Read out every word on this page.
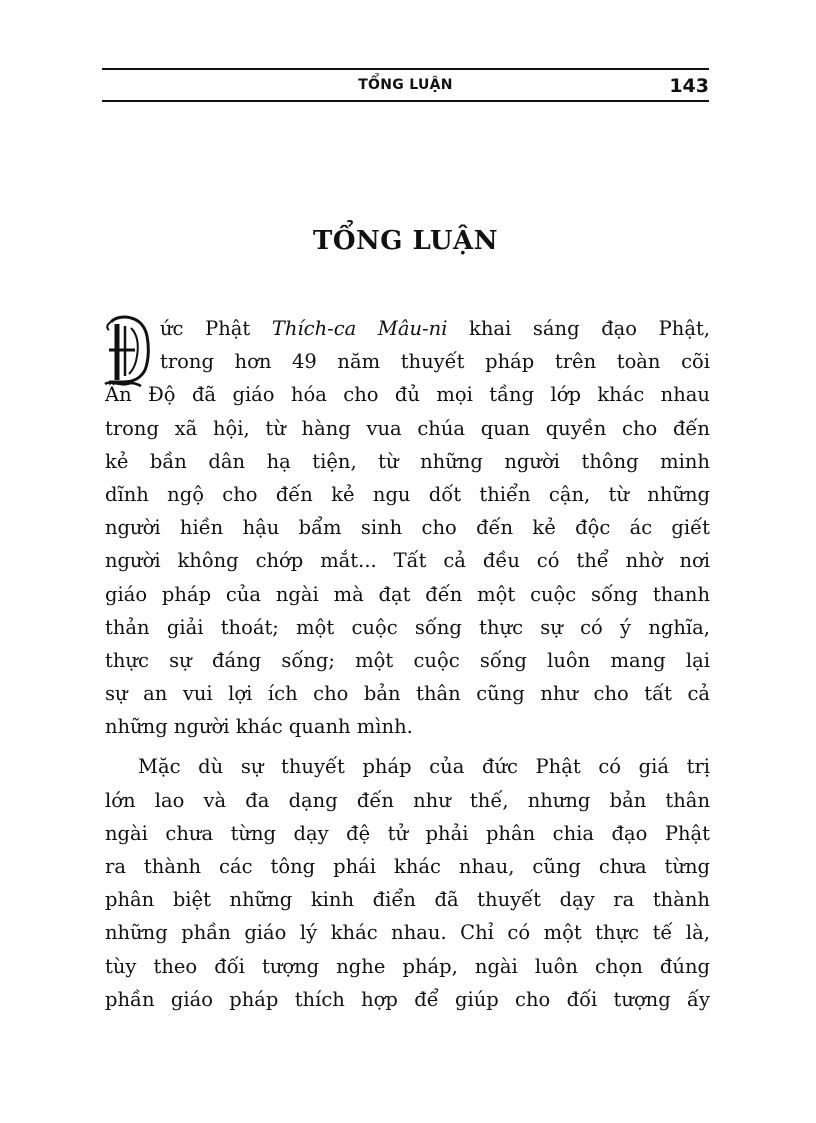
TỔNG LUẬN	143
TỔNG LUẬN
ức Phật Thích-ca Mâu-ni khai sáng đạo Phật,
trong hơn 49 năm thuyết pháp trên toàn cõi
Ấn Độ đã giáo hóa cho đủ mọi tầng lớp khác nhau
trong xã hội, từ hàng vua chúa quan quyền cho đến
kẻ bần dân hạ tiện, từ những người thông minh
dĩnh ngộ cho đến kẻ ngu dốt thiển cận, từ những
người hiền hậu bẩm sinh cho đến kẻ độc ác giết
người không chớp mắt... Tất cả đều có thể nhờ nơi
giáo pháp của ngài mà đạt đến một cuộc sống thanh
thản giải thoát; một cuộc sống thực sự có ý nghĩa,
thực sự đáng sống; một cuộc sống luôn mang lại
sự an vui lợi ích cho bản thân cũng như cho tất cả
những người khác quanh mình.
Mặc dù sự thuyết pháp của đức Phật có giá trị
lớn lao và đa dạng đến như thế, nhưng bản thân
ngài chưa từng dạy đệ tử phải phân chia đạo Phật
ra thành các tông phái khác nhau, cũng chưa từng
phân biệt những kinh điển đã thuyết dạy ra thành
những phần giáo lý khác nhau. Chỉ có một thực tế là,
tùy theo đối tượng nghe pháp, ngài luôn chọn đúng
phần giáo pháp thích hợp để giúp cho đối tượng ấy
